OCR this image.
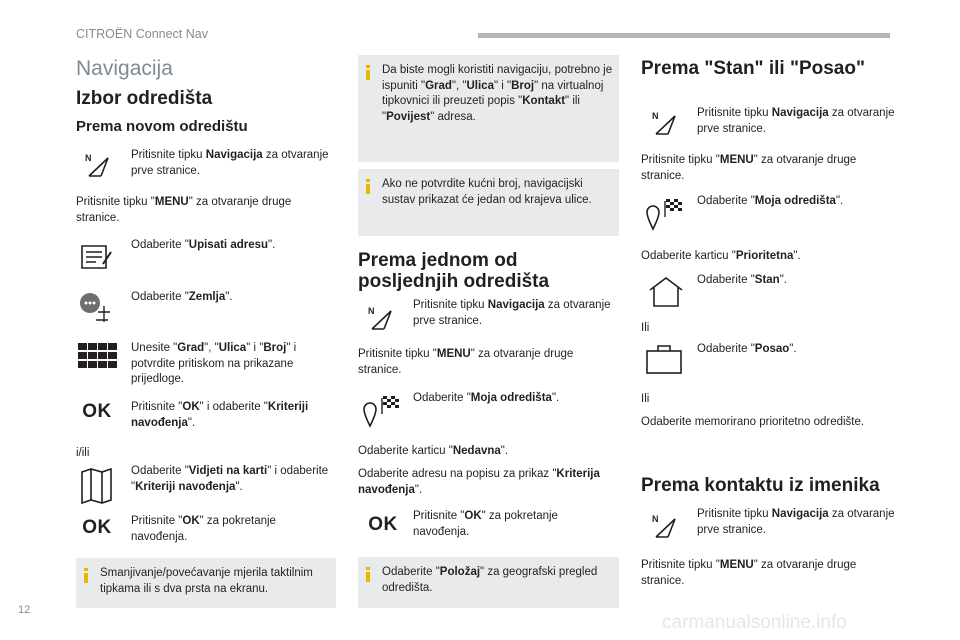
CITROËN Connect Nav
12
carmanualsonline.info
Navigacija
Izbor odredišta
Prema novom odredištu
N	Pritisnite tipku Navigacija za otvaranje prve stranice.
Pritisnite tipku "MENU" za otvaranje druge stranice.
Odaberite "Upisati adresu".
Odaberite "Zemlja".
Unesite "Grad", "Ulica" i "Broj" i potvrdite pritiskom na prikazane prijedloge.
OK Pritisnite "OK" i odaberite "Kriteriji navođenja".
i/ili
Odaberite "Vidjeti na karti" i odaberite "Kriteriji navođenja".
OK Pritisnite "OK" za pokretanje navođenja.
Smanjivanje/povećavanje mjerila taktilnim tipkama ili s dva prsta na ekranu.
Da biste mogli koristiti navigaciju, potrebno je ispuniti "Grad", "Ulica" i "Broj" na virtualnoj tipkovnici ili preuzeti popis "Kontakt" ili "Povijest" adresa.
Ako ne potvrdite kućni broj, navigacijski sustav prikazat će jedan od krajeva ulice.
Prema jednom od posljednjih odredišta
N	Pritisnite tipku Navigacija za otvaranje prve stranice.
Pritisnite tipku "MENU" za otvaranje druge stranice.
Odaberite "Moja odredišta".
Odaberite karticu "Nedavna".
Odaberite adresu na popisu za prikaz "Kriterija navođenja".
OK Pritisnite "OK" za pokretanje navođenja.
Odaberite "Položaj" za geografski pregled odredišta.
Prema "Stan" ili "Posao"
N	Pritisnite tipku Navigacija za otvaranje prve stranice.
Pritisnite tipku "MENU" za otvaranje druge stranice.
Odaberite "Moja odredišta".
Odaberite karticu "Prioritetna".
Odaberite "Stan".
Ili
Odaberite "Posao".
Ili
Odaberite memorirano prioritetno odredište.
Prema kontaktu iz imenika
N	Pritisnite tipku Navigacija za otvaranje prve stranice.
Pritisnite tipku "MENU" za otvaranje druge stranice.
